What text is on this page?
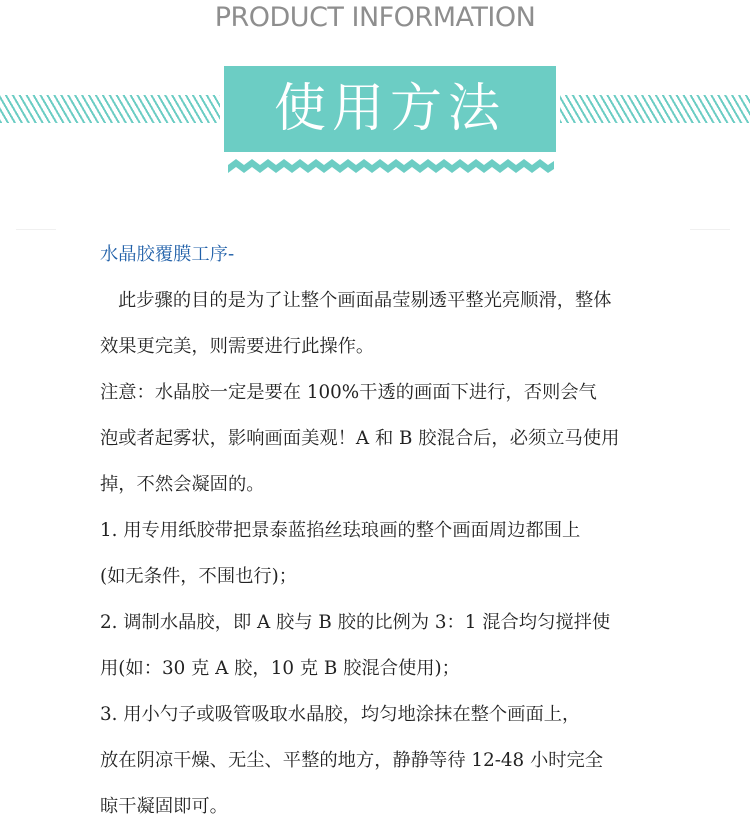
PRODUCT INFORMATION
使用方法

水晶胶覆膜工序-

此步骤的目的是为了让整个画面晶莹剔透平整光亮顺滑，整体

效果更完美，则需要进行此操作。

注意：水晶胶一定是要在 100%干透的画面下进行，否则会气

泡或者起雾状，影响画面美观！A 和 B 胶混合后，必须立马使用

掉，不然会凝固的。

1. 用专用纸胶带把景泰蓝掐丝珐琅画的整个画面周边都围上

(如无条件，不围也行)；

2. 调制水晶胶，即 A 胶与 B 胶的比例为 3：1 混合均匀搅拌使

用(如：30 克 A 胶，10 克 B 胶混合使用)；

3. 用小勺子或吸管吸取水晶胶，均匀地涂抹在整个画面上，

放在阴凉干燥、无尘、平整的地方，静静等待 12-48 小时完全

晾干凝固即可。
